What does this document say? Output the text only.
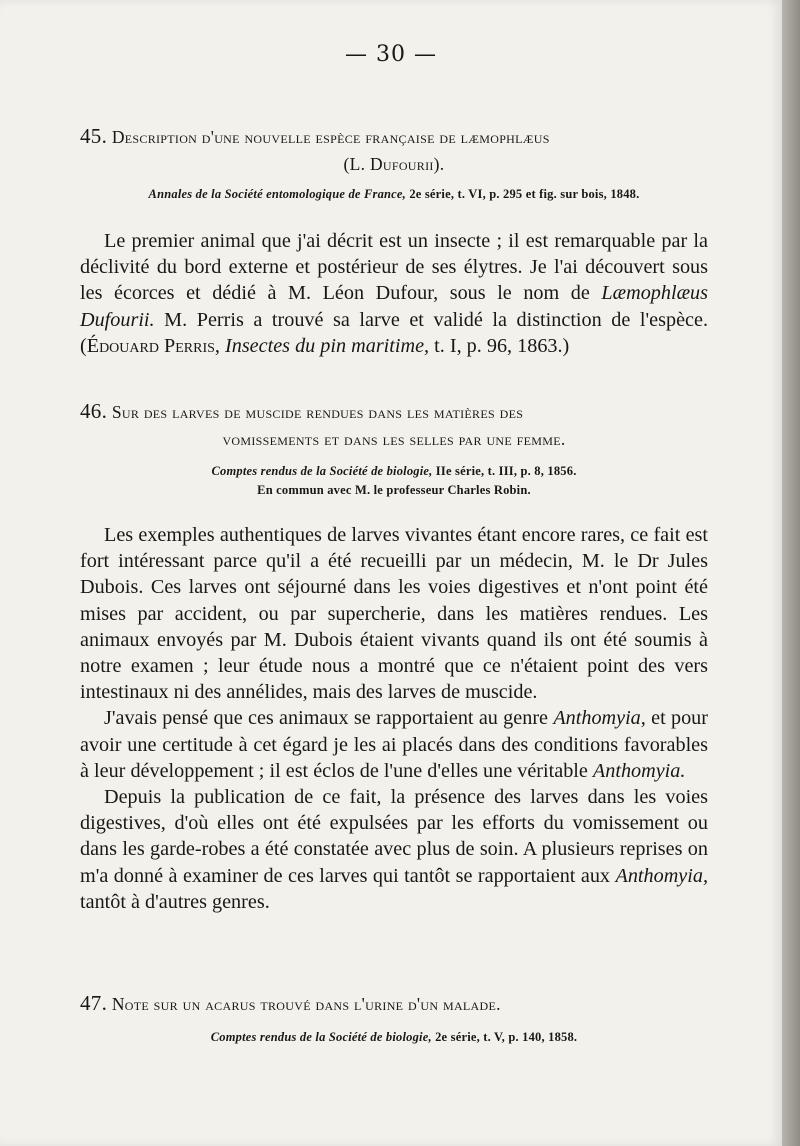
— 30 —
45. Description d'une nouvelle espèce française de læmophlæus
(L. Dufourii).
Annales de la Société entomologique de France, 2e série, t. VI, p. 295 et fig. sur bois, 1848.

Le premier animal que j'ai décrit est un insecte ; il est remarquable par la déclivité du bord externe et postérieur de ses élytres. Je l'ai découvert sous les écorces et dédié à M. Léon Dufour, sous le nom de Læmophlæus Dufourii. M. Perris a trouvé sa larve et validé la distinction de l'espèce. (Édouard Perris, Insectes du pin maritime, t. I, p. 96, 1863.)

46. Sur des larves de muscide rendues dans les matières des
vomissements et dans les selles par une femme.
Comptes rendus de la Société de biologie, IIe série, t. III, p. 8, 1856.
En commun avec M. le professeur Charles Robin.

Les exemples authentiques de larves vivantes étant encore rares, ce fait est fort intéressant parce qu'il a été recueilli par un médecin, M. le Dr Jules Dubois. Ces larves ont séjourné dans les voies digestives et n'ont point été mises par accident, ou par supercherie, dans les matières rendues. Les animaux envoyés par M. Dubois étaient vivants quand ils ont été soumis à notre examen ; leur étude nous a montré que ce n'étaient point des vers intestinaux ni des annélides, mais des larves de muscide.

J'avais pensé que ces animaux se rapportaient au genre Anthomyia, et pour avoir une certitude à cet égard je les ai placés dans des conditions favorables à leur développement ; il est éclos de l'une d'elles une véritable Anthomyia.

Depuis la publication de ce fait, la présence des larves dans les voies digestives, d'où elles ont été expulsées par les efforts du vomissement ou dans les garde-robes a été constatée avec plus de soin. A plusieurs reprises on m'a donné à examiner de ces larves qui tantôt se rapportaient aux Anthomyia, tantôt à d'autres genres.

47. Note sur un acarus trouvé dans l'urine d'un malade.
Comptes rendus de la Société de biologie, 2e série, t. V, p. 140, 1858.
